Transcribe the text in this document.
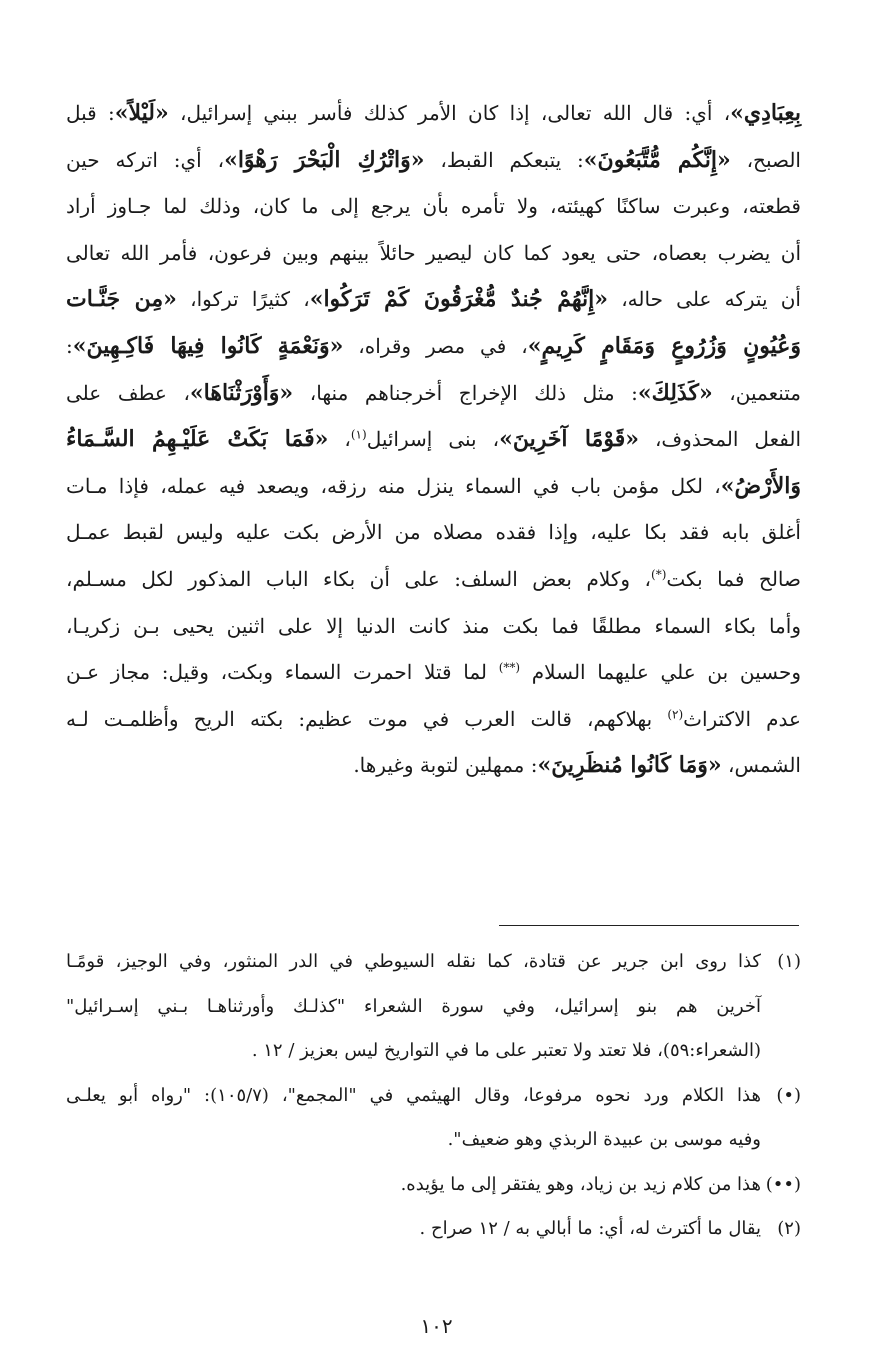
بِعِبَادِي»، أي: قال الله تعالى، إذا كان الأمر كذلك فأسر ببني إسرائيل، «لَيْلاً»: قبل
الصبح، «إِنَّكُم مُّتَّبَعُونَ»: يتبعكم القبط، «وَاتْرُكِ الْبَحْرَ رَهْوًا»، أي: اتركه حين
قطعته، وعبرت ساكنًا كهيئته، ولا تأمره بأن يرجع إلى ما كان، وذلك لما جـاوز أراد
أن يضرب بعصاه، حتى يعود كما كان ليصير حائلاً بينهم وبين فرعون، فأمر الله تعالى
أن يتركه على حاله، «إِنَّهُمْ جُندٌ مُّغْرَقُونَ كَمْ تَرَكُوا»، كثيرًا تركوا، «مِن جَنَّـات
وَعُيُونٍ وَزُرُوعٍ وَمَقَامٍ كَرِيمٍ»، في مصر وقراه، «وَنَعْمَةٍ كَانُوا فِيهَا فَاكِـهِينَ»:
متنعمين، «كَذَلِكَ»: مثل ذلك الإخراج أخرجناهم منها، «وَأَوْرَثْنَاهَا»، عطف على
الفعل المحذوف، «قَوْمًا آخَرِينَ»، بنى إسرائيل$^{(١)}$، «فَمَا بَكَتْ عَلَيْـهِمُ السَّـمَاءُ
وَالأَرْضُ»، لكل مؤمن باب في السماء ينزل منه رزقه، ويصعد فيه عمله، فإذا مـات
أغلق بابه فقد بكا عليه، وإذا فقده مصلاه من الأرض بكت عليه وليس لقبط عمـل
صالح فما بكت(*)، وكلام بعض السلف: على أن بكاء الباب المذكور لكل مسـلم،
وأما بكاء السماء مطلقًا فما بكت منذ كانت الدنيا إلا على اثنين يحيى بـن زكريـا،
وحسين بن علي عليهما السلام (**) لما قتلا احمرت السماء وبكت، وقيل: مجاز عـن
عدم الاكتراث$^{(٢)}$ بهلاكهم، قالت العرب في موت عظيم: بكته الريح وأظلمـت لـه
الشمس، «وَمَا كَانُوا مُنظَرِينَ»: ممهلين لتوبة وغيرها.
(١)
كذا روى ابن جرير عن قتادة، كما نقله السيوطي في الدر المنثور، وفي الوجيز، قومًـا
آخرين هم بنو إسرائيل، وفي سورة الشعراء "كذلـك وأورثناهـا بـني إسـرائيل"
(الشعراء:٥٩)، فلا تعتد ولا تعتبر على ما في التواريخ ليس بعزيز / ١٢ .
(•)
هذا الكلام ورد نحوه مرفوعا، وقال الهيثمي في "المجمع"، (١٠٥/٧): "رواه أبو يعلـى
وفيه موسى بن عبيدة الربذي وهو ضعيف".
(••)
هذا من كلام زيد بن زياد، وهو يفتقر إلى ما يؤيده.
(٢)
يقال ما أكترث له، أي: ما أبالي به / ١٢ صراح .
١٠٢
